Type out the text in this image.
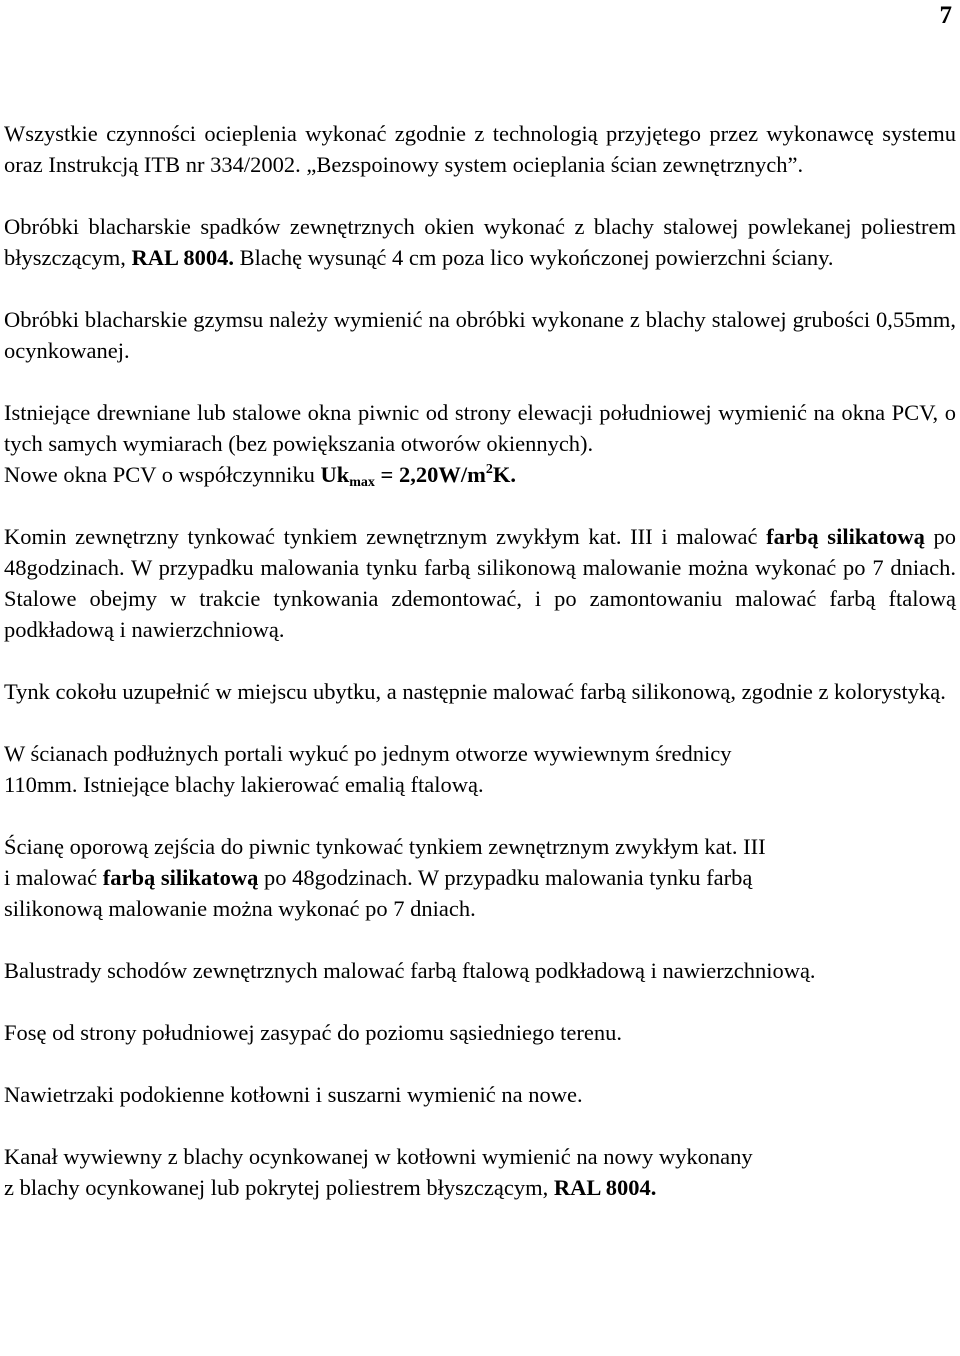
7

Wszystkie czynności ocieplenia wykonać zgodnie z technologią przyjętego przez wykonawcę systemu oraz Instrukcją ITB nr 334/2002. „Bezspoinowy system ocieplania ścian zewnętrznych”.

Obróbki blacharskie spadków zewnętrznych okien wykonać z blachy stalowej powlekanej poliestrem błyszczącym, RAL 8004. Blachę wysunąć 4 cm poza lico wykończonej powierzchni ściany.

Obróbki blacharskie gzymsu należy wymienić na obróbki wykonane z blachy stalowej grubości 0,55mm, ocynkowanej.

Istniejące drewniane lub stalowe okna piwnic od strony elewacji południowej wymienić na okna PCV, o tych samych wymiarach (bez powiększania otworów okiennych).
Nowe okna PCV o współczynniku $Uk_{max} = 2,20W/m^2K$.

Komin zewnętrzny tynkować tynkiem zewnętrznym zwykłym kat. III i malować farbą silikatową po 48godzinach. W przypadku malowania tynku farbą silikonową malowanie można wykonać po 7 dniach. Stalowe obejmy w trakcie tynkowania zdemontować, i po zamontowaniu malować farbą ftalową podkładową i nawierzchniową.

Tynk cokołu uzupełnić w miejscu ubytku, a następnie malować farbą silikonową, zgodnie z kolorystyką.

W ścianach podłużnych portali wykuć po jednym otworze wywiewnym średnicy
110mm. Istniejące blachy lakierować emalią ftalową.

Ścianę oporową zejścia do piwnic tynkować tynkiem zewnętrznym zwykłym kat. III
i malować farbą silikatową po 48godzinach. W przypadku malowania tynku farbą
silikonową malowanie można wykonać po 7 dniach.

Balustrady schodów zewnętrznych malować farbą ftalową podkładową i nawierzchniową.

Fosę od strony południowej zasypać do poziomu sąsiedniego terenu.

Nawietrzaki podokienne kotłowni i suszarni wymienić na nowe.

Kanał wywiewny z blachy ocynkowanej w kotłowni wymienić na nowy wykonany
z blachy ocynkowanej lub pokrytej poliestrem błyszczącym, RAL 8004.
